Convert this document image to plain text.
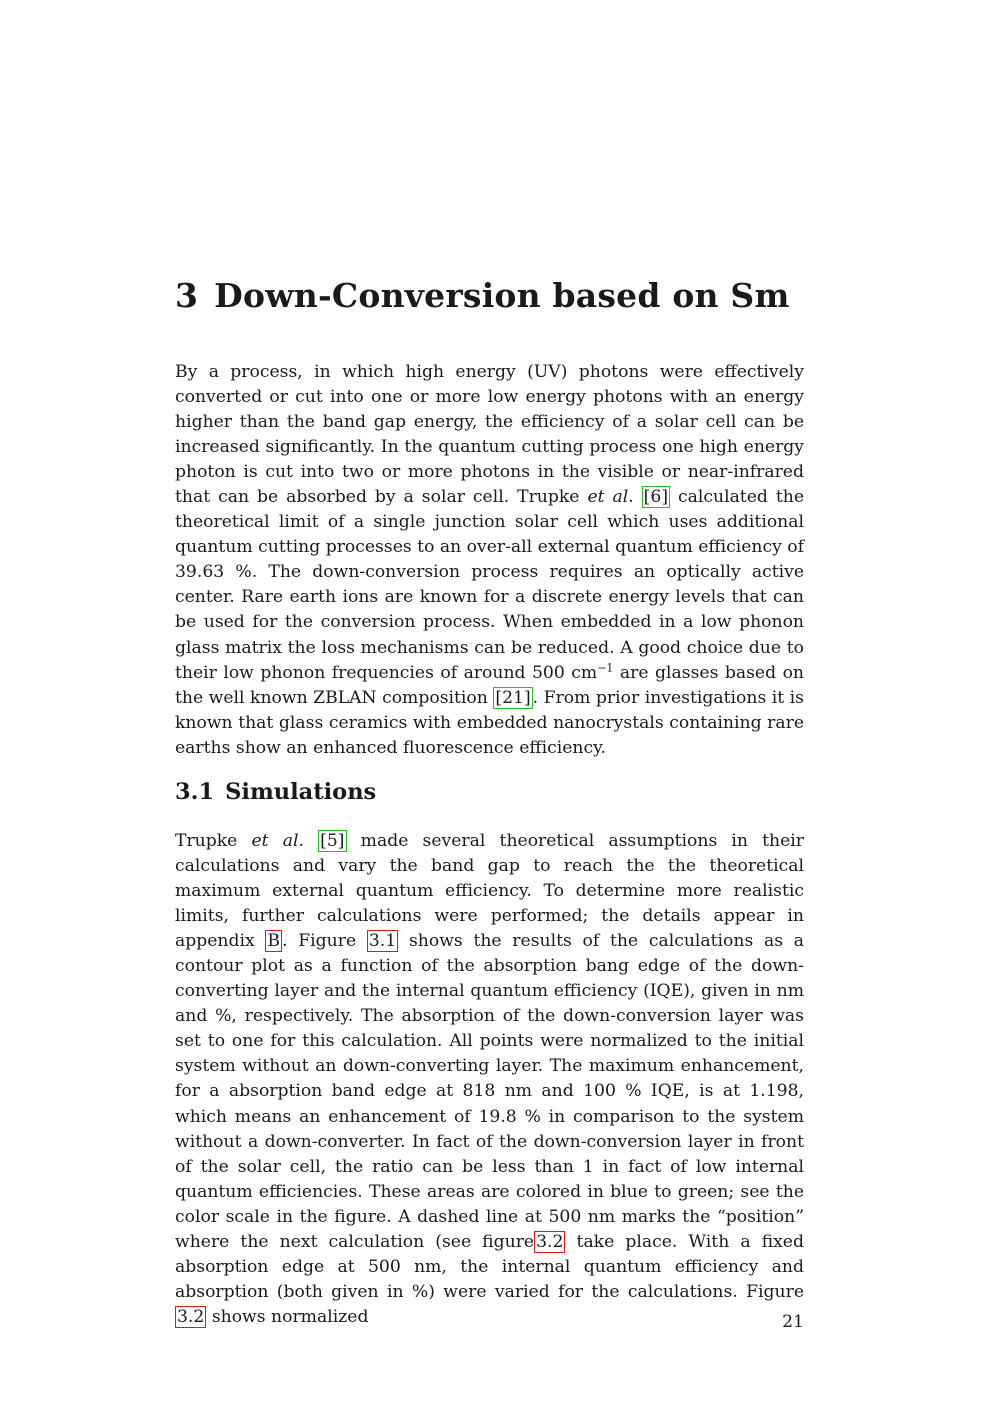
3 Down-Conversion based on Sm

By a process, in which high energy (UV) photons were effectively converted or cut into one or more low energy photons with an energy higher than the band gap energy, the efficiency of a solar cell can be increased significantly. In the quantum cutting process one high energy photon is cut into two or more photons in the visible or near-infrared that can be absorbed by a solar cell. Trupke et al. [6] calculated the theoretical limit of a single junction solar cell which uses additional quantum cutting processes to an over-all external quantum efficiency of 39.63 %. The down-conversion process requires an optically active center. Rare earth ions are known for a discrete energy levels that can be used for the conversion process. When embedded in a low phonon glass matrix the loss mechanisms can be reduced. A good choice due to their low phonon frequencies of around 500 $cm^{-1}$ are glasses based on the well known ZBLAN composition [21] . From prior investigations it is known that glass ceramics with embedded nanocrystals containing rare earths show an enhanced fluorescence efficiency.

3.1 Simulations

Trupke et al. [5] made several theoretical assumptions in their calculations and vary the band gap to reach the the theoretical maximum external quantum efficiency. To determine more realistic limits, further calculations were performed; the details appear in appendix B . Figure 3.1 shows the results of the calculations as a contour plot as a function of the absorption bang edge of the down-converting layer and the internal quantum efficiency (IQE), given in nm and %, respectively. The absorption of the down-conversion layer was set to one for this calculation. All points were normalized to the initial system without an down-converting layer. The maximum enhancement, for a absorption band edge at 818 nm and 100 % IQE, is at 1.198, which means an enhancement of 19.8 % in comparison to the system without a down-converter. In fact of the down-conversion layer in front of the solar cell, the ratio can be less than 1 in fact of low internal quantum efficiencies. These areas are colored in blue to green; see the color scale in the figure. A dashed line at 500 nm marks the “position” where the next calculation (see figure 3.2 take place. With a fixed absorption edge at 500 nm, the internal quantum efficiency and absorption (both given in %) were varied for the calculations. Figure 3.2 shows normalized	21
